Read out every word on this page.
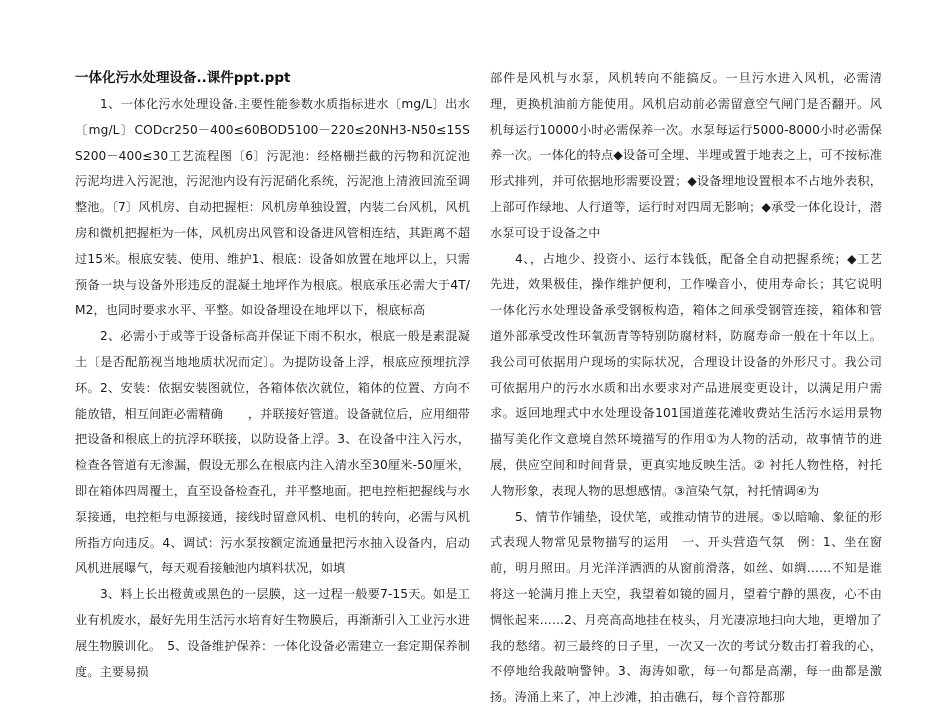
一体化污水处理设备..课件ppt.ppt

1、一体化污水处理设备.主要性能参数水质指标进水〔mg/L〕出水〔mg/L〕CODcr250－400≤60BOD5100－220≤20NH3-N50≤15SS200－400≤30工艺流程图〔6〕污泥池：经格栅拦截的污物和沉淀池污泥均进入污泥池，污泥池内设有污泥硝化系统，污泥池上清液回流至调整池。〔7〕风机房、自动把握柜：风机房单独设置，内装二台风机，风机房和微机把握柜为一体，风机房出风管和设备进风管相连结，其距离不超过15米。根底安装、使用、维护1、根底：设备如放置在地坪以上，只需预备一块与设备外形违反的混凝土地坪作为根底。根底承压必需大于4T/M2，也同时要求水平、平整。如设备埋设在地坪以下，根底标高

2、必需小于或等于设备标高并保证下雨不积水，根底一般是素混凝土〔是否配筋视当地地质状况而定〕。为提防设备上浮，根底应预埋抗浮环。2、安装：依据安装图就位，各箱体依次就位，箱体的位置、方向不能放错，相互间距必需精确　　，并联接好管道。设备就位后，应用细带把设备和根底上的抗浮环联接，以防设备上浮。3、在设备中注入污水，检查各管道有无渗漏，假设无那么在根底内注入清水至30厘米-50厘米，即在箱体四周覆土，直至设备检查孔，并平整地面。把电控柜把握线与水泵接通，电控柜与电源接通，接线时留意风机、电机的转向，必需与风机所指方向违反。4、调试：污水泵按额定流通量把污水抽入设备内，启动风机进展曝气，每天观看接触池内填料状况，如填

3、料上长出橙黄或黑色的一层膜，这一过程一般要7-15天。如是工业有机废水，最好先用生活污水培育好生物膜后，再渐渐引入工业污水进展生物膜训化。　5、设备维护保养：一体化设备必需建立一套定期保养制度。主要易损

部件是风机与水泵，风机转向不能搞反。一旦污水进入风机，必需清理，更换机油前方能使用。风机启动前必需留意空气闸门是否翻开。风机每运行10000小时必需保养一次。水泵每运行5000-8000小时必需保养一次。一体化的特点◆设备可全埋、半埋或置于地表之上，可不按标准形式排列，并可依据地形需要设置；◆设备埋地设置根本不占地外表积，上部可作绿地、人行道等，运行时对四周无影响；◆承受一体化设计，潜水泵可设于设备之中

4、，占地少、投资小、运行本钱低，配备全自动把握系统；◆工艺先进，效果极佳，操作维护便利，工作噪音小，使用寿命长；其它说明一体化污水处理设备承受钢板构造，箱体之间承受钢管连接，箱体和管道外部承受改性环氧沥青等特别防腐材料，防腐寿命一般在十年以上。我公司可依据用户现场的实际状况，合理设计设备的外形尺寸。我公司可依据用户的污水水质和出水要求对产品进展变更设计，以满足用户需求。返回地理式中水处理设备101国道莲花滩收费站生活污水运用景物描写美化作文意境自然环境描写的作用①为人物的活动，故事情节的进展，供应空间和时间背景，更真实地反映生活。② 衬托人物性格，衬托人物形象，表现人物的思想感情。③渲染气氛，衬托情调④为

5、情节作铺垫，设伏笔，或推动情节的进展。⑤以暗喻、象征的形式表现人物常见景物描写的运用　一、开头营造气氛　例：1、坐在窗前，明月照田。月光洋洋洒洒的从窗前滑落，如丝、如绸……不知是谁将这一轮满月推上天空，我望着如镜的圆月，望着宁静的黑夜，心不由惆怅起来……2、月亮高高地挂在枝头，月光凄凉地扫向大地，更增加了我的愁绪。初三最终的日子里，一次又一次的考试分数击打着我的心，不停地给我敲响警钟。3、海涛如歌，每一句都是高潮，每一曲都是激扬。涛涌上来了，冲上沙滩，拍击礁石，每个音符都那
